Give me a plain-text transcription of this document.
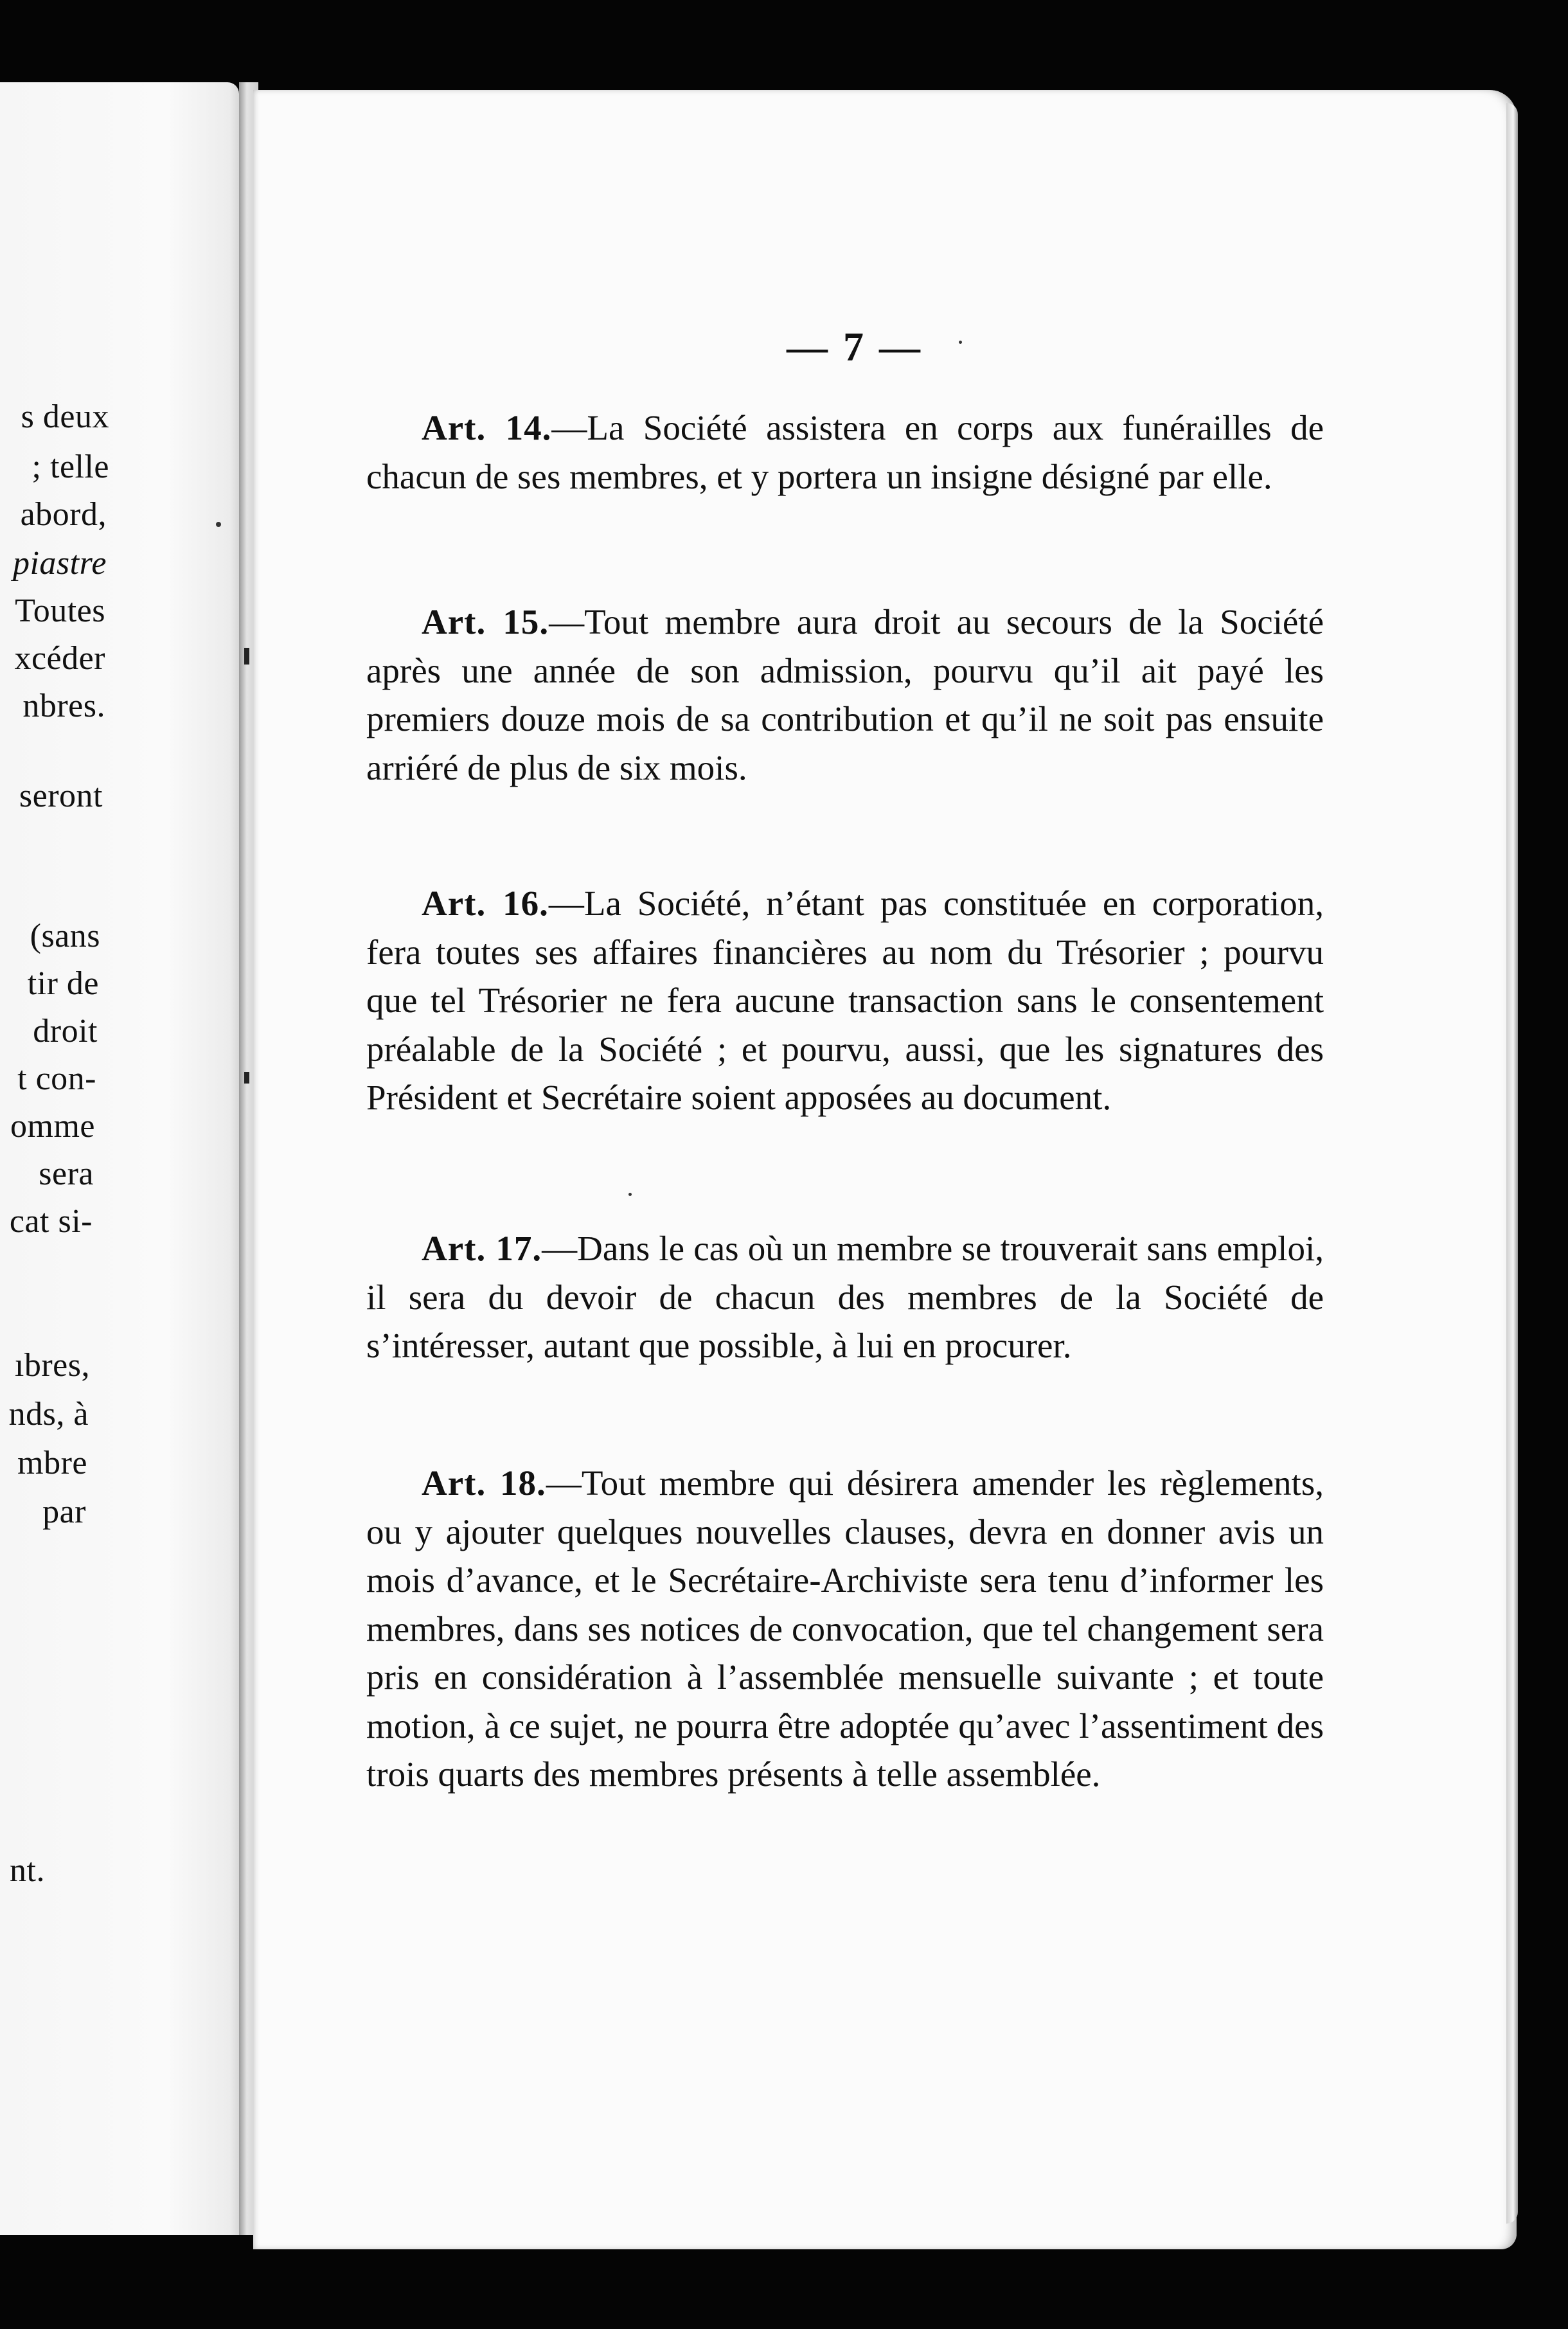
s deux
; telle
abord,
piastre
Toutes
xcéder
nbres.
seront
(sans
tir de
droit
t con-
omme
sera
cat si-
ıbres,
nds, à
mbre
par
nt.
— 7 —

Art. 14.—La Société assistera en corps aux funérailles de chacun de ses membres, et y portera un insigne désigné par elle.

Art. 15.—Tout membre aura droit au secours de la Société après une année de son admission, pourvu qu’il ait payé les premiers douze mois de sa contribution et qu’il ne soit pas ensuite arriéré de plus de six mois.

Art. 16.—La Société, n’étant pas constituée en corporation, fera toutes ses affaires financières au nom du Trésorier ; pourvu que tel Trésorier ne fera aucune transaction sans le consentement préalable de la Société ; et pourvu, aussi, que les signatures des Président et Secrétaire soient apposées au document.

Art. 17.—Dans le cas où un membre se trouverait sans emploi, il sera du devoir de chacun des membres de la Société de s’intéresser, autant que possible, à lui en procurer.

Art. 18.—Tout membre qui désirera amender les règlements, ou y ajouter quelques nouvelles clauses, devra en donner avis un mois d’avance, et le Secrétaire-Archiviste sera tenu d’informer les membres, dans ses notices de convocation, que tel changement sera pris en considération à l’assemblée mensuelle suivante ; et toute motion, à ce sujet, ne pourra être adoptée qu’avec l’assentiment des trois quarts des membres présents à telle assemblée.
